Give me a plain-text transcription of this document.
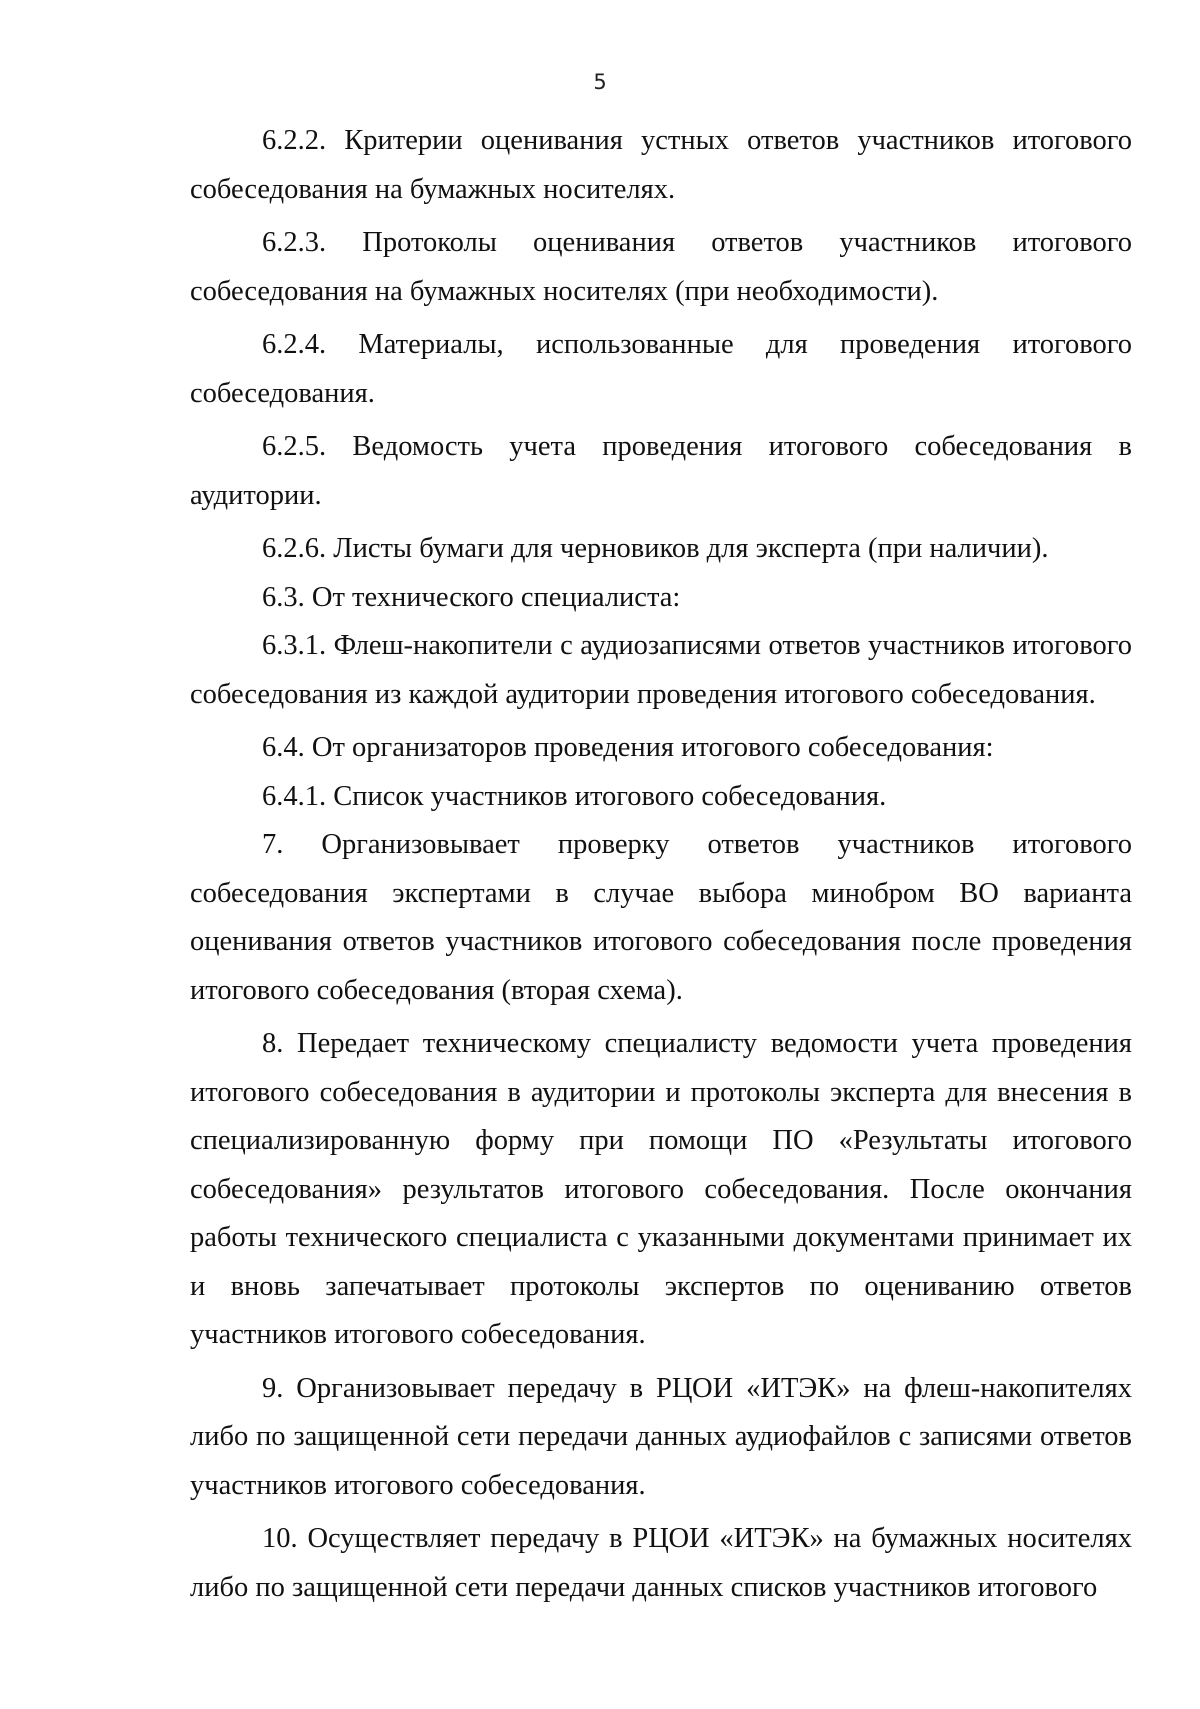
5

6.2.2. Критерии оценивания устных ответов участников итогового собеседования на бумажных носителях.

6.2.3. Протоколы оценивания ответов участников итогового собеседования на бумажных носителях (при необходимости).

6.2.4. Материалы, использованные для проведения итогового собеседования.

6.2.5. Ведомость учета проведения итогового собеседования в аудитории.

6.2.6. Листы бумаги для черновиков для эксперта (при наличии).

6.3. От технического специалиста:

6.3.1. Флеш-накопители с аудиозаписями ответов участников итогового собеседования из каждой аудитории проведения итогового собеседования.

6.4. От организаторов проведения итогового собеседования:

6.4.1. Список участников итогового собеседования.

7. Организовывает проверку ответов участников итогового собеседования экспертами в случае выбора минобром ВО варианта оценивания ответов участников итогового собеседования после проведения итогового собеседования (вторая схема).

8. Передает техническому специалисту ведомости учета проведения итогового собеседования в аудитории и протоколы эксперта для внесения в специализированную форму при помощи ПО «Результаты итогового собеседования» результатов итогового собеседования. После окончания работы технического специалиста с указанными документами принимает их и вновь запечатывает протоколы экспертов по оцениванию ответов участников итогового собеседования.

9. Организовывает передачу в РЦОИ «ИТЭК» на флеш-накопителях либо по защищенной сети передачи данных аудиофайлов с записями ответов участников итогового собеседования.

10. Осуществляет передачу в РЦОИ «ИТЭК» на бумажных носителях либо по защищенной сети передачи данных списков участников итогового
